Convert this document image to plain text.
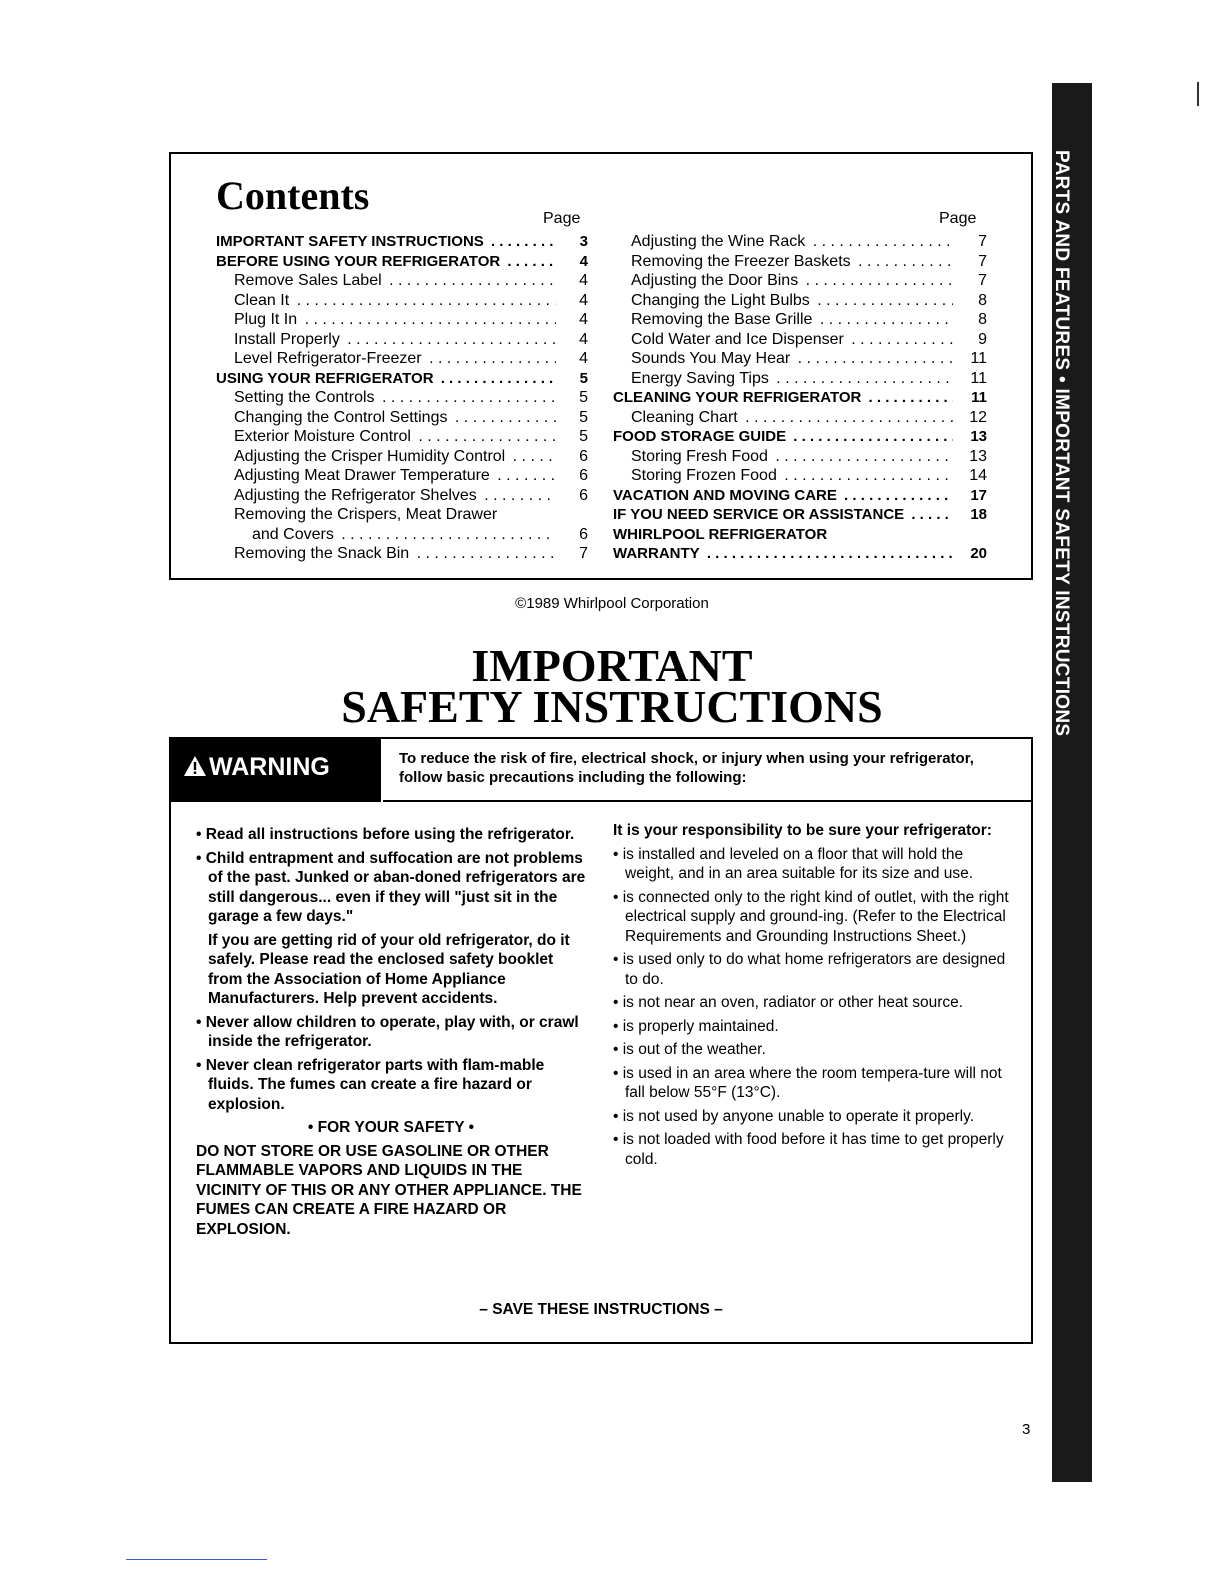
PARTS AND FEATURES • IMPORTANT SAFETY INSTRUCTIONS
Contents
Page	Page
IMPORTANT SAFETY INSTRUCTIONS . . .	3
BEFORE USING YOUR REFRIGERATOR . . .	4
Remove Sales Label . . .	4
Clean It . . .	4
Plug It In . . .	4
Install Properly . . .	4
Level Refrigerator-Freezer . . .	4
USING YOUR REFRIGERATOR . . .	5
Setting the Controls . . .	5
Changing the Control Settings . . .	5
Exterior Moisture Control . . .	5
Adjusting the Crisper Humidity Control . . .	6
Adjusting Meat Drawer Temperature . . .	6
Adjusting the Refrigerator Shelves . . .	6
Removing the Crispers, Meat Drawer
and Covers . . .	6
Removing the Snack Bin . . .	7
Adjusting the Wine Rack . . .	7
Removing the Freezer Baskets . . .	7
Adjusting the Door Bins . . .	7
Changing the Light Bulbs . . .	8
Removing the Base Grille . . .	8
Cold Water and Ice Dispenser . . .	9
Sounds You May Hear . . .	11
Energy Saving Tips . . .	11
CLEANING YOUR REFRIGERATOR . . .	11
Cleaning Chart . . .	12
FOOD STORAGE GUIDE . . .	13
Storing Fresh Food . . .	13
Storing Frozen Food . . .	14
VACATION AND MOVING CARE . . .	17
IF YOU NEED SERVICE OR ASSISTANCE . . .	18
WHIRLPOOL REFRIGERATOR
WARRANTY . . .	20
©1989 Whirlpool Corporation
IMPORTANT
SAFETY INSTRUCTIONS
WARNING	To reduce the risk of fire, electrical shock, or injury when using your refrigerator, follow basic precautions including the following:

• Read all instructions before using the refrigerator.

• Child entrapment and suffocation are not problems of the past. Junked or aban-doned refrigerators are still dangerous... even if they will "just sit in the garage a few days."

If you are getting rid of your old refrigerator, do it safely. Please read the enclosed safety booklet from the Association of Home Appliance Manufacturers. Help prevent accidents.

• Never allow children to operate, play with, or crawl inside the refrigerator.

• Never clean refrigerator parts with flam-mable fluids. The fumes can create a fire hazard or explosion.

• FOR YOUR SAFETY •

DO NOT STORE OR USE GASOLINE OR OTHER FLAMMABLE VAPORS AND LIQUIDS IN THE VICINITY OF THIS OR ANY OTHER APPLIANCE. THE FUMES CAN CREATE A FIRE HAZARD OR EXPLOSION.

It is your responsibility to be sure your refrigerator:

• is installed and leveled on a floor that will hold the weight, and in an area suitable for its size and use.

• is connected only to the right kind of outlet, with the right electrical supply and ground-ing. (Refer to the Electrical Requirements and Grounding Instructions Sheet.)

• is used only to do what home refrigerators are designed to do.

• is not near an oven, radiator or other heat source.

• is properly maintained.

• is out of the weather.

• is used in an area where the room tempera-ture will not fall below 55°F (13°C).

• is not used by anyone unable to operate it properly.

• is not loaded with food before it has time to get properly cold.

– SAVE THESE INSTRUCTIONS –
3
